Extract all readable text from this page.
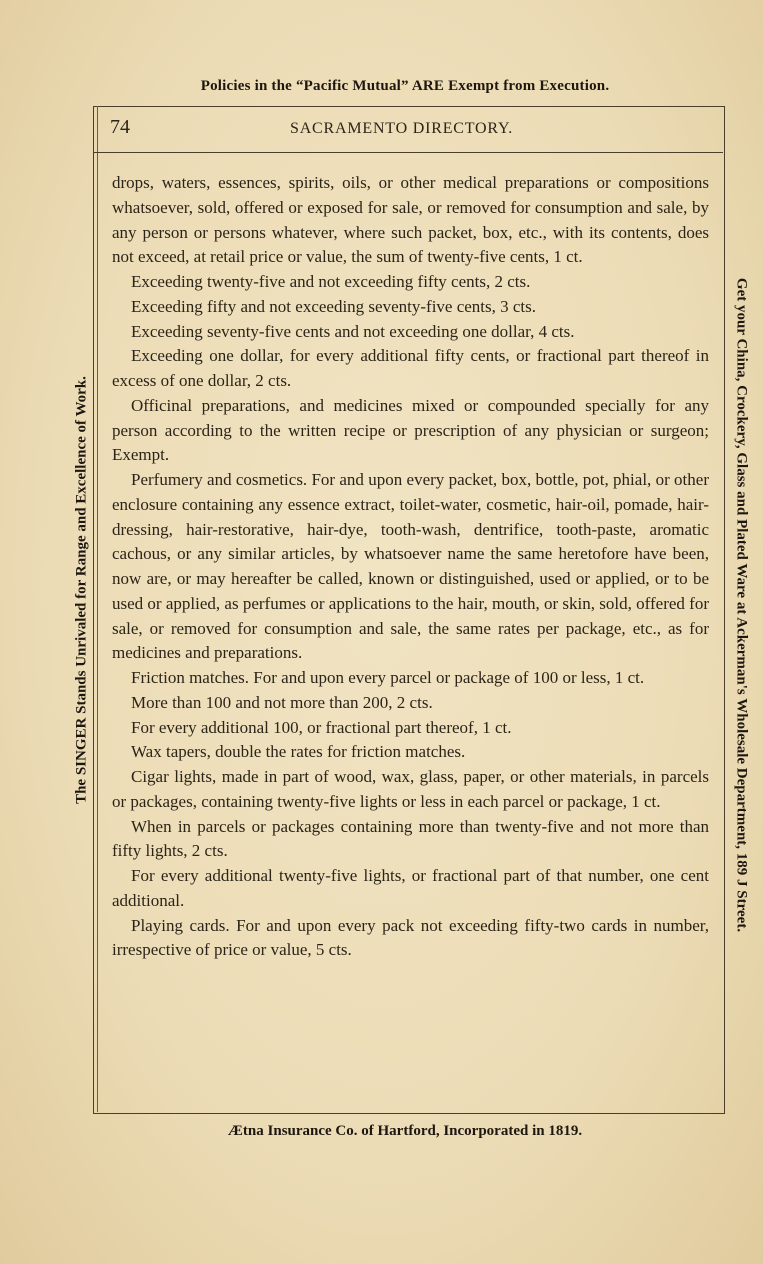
Policies in the “Pacific Mutual” ARE Exempt from Execution.
The SINGER Stands Unrivaled for Range and Excellence of Work.	Get your China, Crockery, Glass and Plated Ware at Ackerman's Wholesale Department, 189 J Street.
74	SACRAMENTO DIRECTORY.

drops, waters, essences, spirits, oils, or other medical preparations or compositions whatsoever, sold, offered or exposed for sale, or removed for consumption and sale, by any person or persons whatever, where such packet, box, etc., with its contents, does not exceed, at retail price or value, the sum of twenty-five cents, 1 ct.

Exceeding twenty-five and not exceeding fifty cents, 2 cts.

Exceeding fifty and not exceeding seventy-five cents, 3 cts.

Exceeding seventy-five cents and not exceeding one dollar, 4 cts.

Exceeding one dollar, for every additional fifty cents, or fractional part thereof in excess of one dollar, 2 cts.

Officinal preparations, and medicines mixed or compounded specially for any person according to the written recipe or prescription of any physician or surgeon; Exempt.

Perfumery and cosmetics. For and upon every packet, box, bottle, pot, phial, or other enclosure containing any essence extract, toilet-water, cosmetic, hair-oil, pomade, hair-dressing, hair-restorative, hair-dye, tooth-wash, dentrifice, tooth-paste, aromatic cachous, or any similar articles, by whatsoever name the same heretofore have been, now are, or may hereafter be called, known or distinguished, used or applied, or to be used or applied, as perfumes or applications to the hair, mouth, or skin, sold, offered for sale, or removed for consumption and sale, the same rates per package, etc., as for medicines and preparations.

Friction matches. For and upon every parcel or package of 100 or less, 1 ct.

More than 100 and not more than 200, 2 cts.

For every additional 100, or fractional part thereof, 1 ct.

Wax tapers, double the rates for friction matches.

Cigar lights, made in part of wood, wax, glass, paper, or other materials, in parcels or packages, containing twenty-five lights or less in each parcel or package, 1 ct.

When in parcels or packages containing more than twenty-five and not more than fifty lights, 2 cts.

For every additional twenty-five lights, or fractional part of that number, one cent additional.

Playing cards. For and upon every pack not exceeding fifty-two cards in number, irrespective of price or value, 5 cts.

Ætna Insurance Co. of Hartford, Incorporated in 1819.
